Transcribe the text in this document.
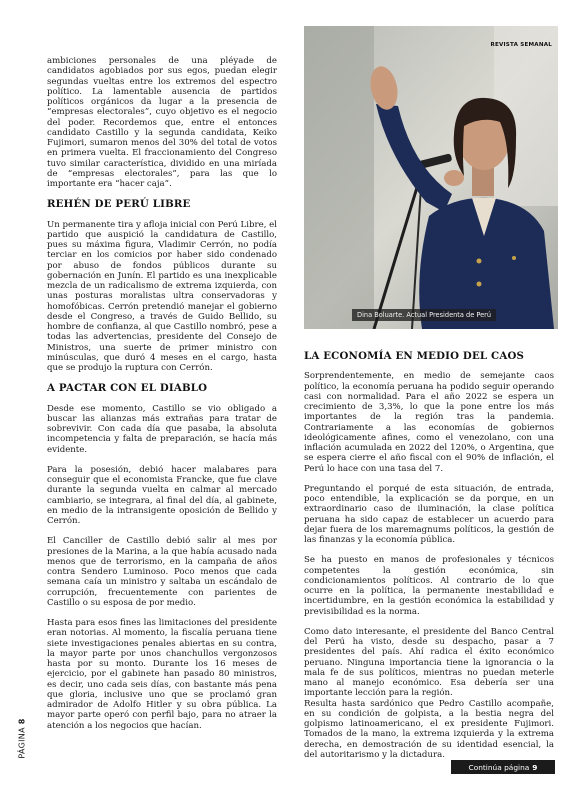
ambiciones personales de una pléyade de candidatos agobiados por sus egos, puedan elegir segundas vueltas entre los extremos del espectro político. La lamentable ausencia de partidos políticos orgánicos da lugar a la presencia de “empresas electorales”, cuyo objetivo es el negocio del poder. Recordemos que, entre el entonces candidato Castillo y la segunda candidata, Keiko Fujimori, sumaron menos del 30% del total de votos en primera vuelta. El fraccionamiento del Congreso tuvo similar característica, dividido en una miríada de “empresas electorales”, para las que lo importante era “hacer caja”.

REHÉN DE PERÚ LIBRE

Un permanente tira y afloja inicial con Perú Libre, el partido que auspició la candidatura de Castillo, pues su máxima figura, Vladimir Cerrón, no podía terciar en los comicios por haber sido condenado por abuso de fondos públicos durante su gobernación en Junín. El partido es una inexplicable mezcla de un radicalismo de extrema izquierda, con unas posturas moralistas ultra conservadoras y homofóbicas. Cerrón pretendió manejar el gobierno desde el Congreso, a través de Guido Bellido, su hombre de confianza, al que Castillo nombró, pese a todas las advertencias, presidente del Consejo de Ministros, una suerte de primer ministro con minúsculas, que duró 4 meses en el cargo, hasta que se produjo la ruptura con Cerrón.

A PACTAR CON EL DIABLO

Desde ese momento, Castillo se vio obligado a buscar las alianzas más extrañas para tratar de sobrevivir. Con cada día que pasaba, la absoluta incompetencia y falta de preparación, se hacía más evidente.

Para la posesión, debió hacer malabares para conseguir que el economista Francke, que fue clave durante la segunda vuelta en calmar al mercado cambiario, se integrara, al final del día, al gabinete, en medio de la intransigente oposición de Bellido y Cerrón.

El Canciller de Castillo debió salir al mes por presiones de la Marina, a la que había acusado nada menos que de terrorismo, en la campaña de años contra Sendero Luminoso. Poco menos que cada semana caía un ministro y saltaba un escándalo de corrupción, frecuentemente con parientes de Castillo o su esposa de por medio.

Hasta para esos fines las limitaciones del presidente eran notorias. Al momento, la fiscalía peruana tiene siete investigaciones penales abiertas en su contra, la mayor parte por unos chanchullos vergonzosos hasta por su monto. Durante los 16 meses de ejercicio, por el gabinete han pasado 80 ministros, es decir, uno cada seis días, con bastante más pena que gloria, inclusive uno que se proclamó gran admirador de Adolfo Hitler y su obra pública. La mayor parte operó con perfil bajo, para no atraer la atención a los negocios que hacían.

REVISTA SEMANAL
Dina Boluarte. Actual Presidenta de Perú
LA ECONOMÍA EN MEDIO DEL CAOS

Sorprendentemente, en medio de semejante caos político, la economía peruana ha podido seguir operando casi con normalidad. Para el año 2022 se espera un crecimiento de 3,3%, lo que la pone entre los más importantes de la región tras la pandemia. Contrariamente a las economías de gobiernos ideológicamente afines, como el venezolano, con una inflación acumulada en 2022 del 120%, o Argentina, que se espera cierre el año fiscal con el 90% de inflación, el Perú lo hace con una tasa del 7.

Preguntando el porqué de esta situación, de entrada, poco entendible, la explicación se da porque, en un extraordinario caso de iluminación, la clase política peruana ha sido capaz de establecer un acuerdo para dejar fuera de los maremagnums políticos, la gestión de las finanzas y la economía pública.

Se ha puesto en manos de profesionales y técnicos competentes la gestión económica, sin condicionamientos políticos. Al contrario de lo que ocurre en la política, la permanente inestabilidad e incertidumbre, en la gestión económica la estabilidad y previsibilidad es la norma.

Como dato interesante, el presidente del Banco Central del Perú ha visto, desde su despacho, pasar a 7 presidentes del país. Ahí radica el éxito económico peruano. Ninguna importancia tiene la ignorancia o la mala fe de sus políticos, mientras no puedan meterle mano al manejo económico. Esa debería ser una importante lección para la región.

Resulta hasta sardónico que Pedro Castillo acompañe, en su condición de golpista, a la bestia negra del golpismo latinoamericano, el ex presidente Fujimori. Tomados de la mano, la extrema izquierda y la extrema derecha, en demostración de su identidad esencial, la del autoritarismo y la dictadura.

PÁGINA 8
Continúa página 9
